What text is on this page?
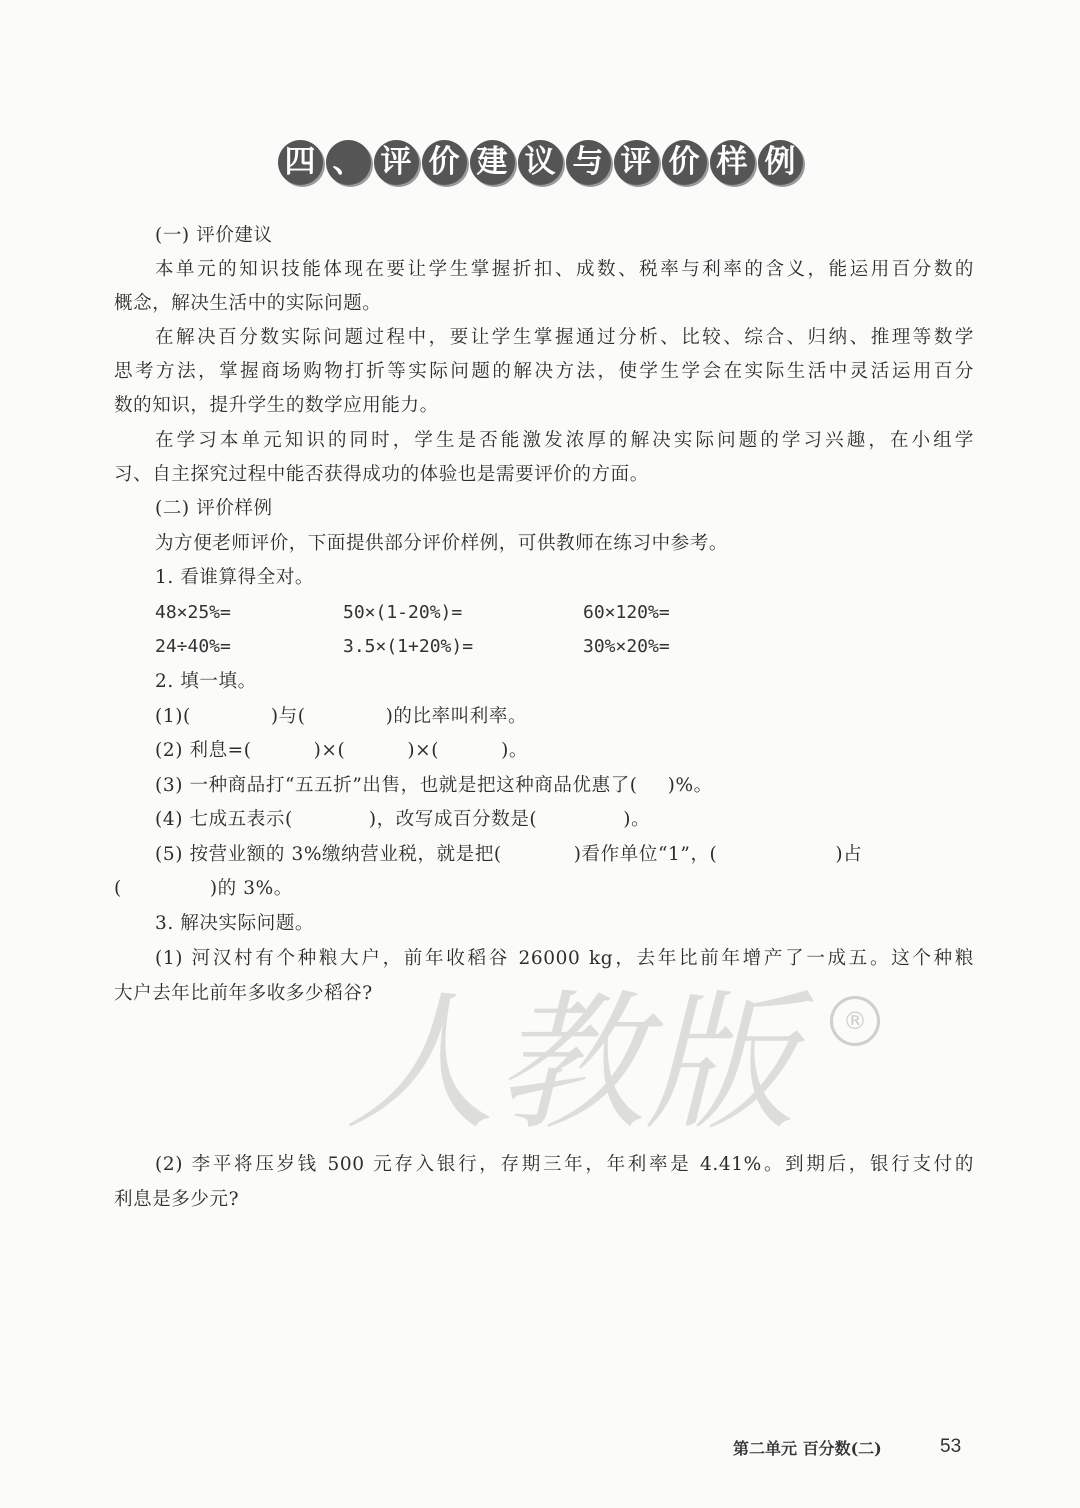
四 、 评 价 建 议 与 评 价 样 例
(一) 评价建议
本单元的知识技能体现在要让学生掌握折扣、成数、税率与利率的含义，能运用百分数的
概念，解决生活中的实际问题。
在解决百分数实际问题过程中，要让学生掌握通过分析、比较、综合、归纳、推理等数学
思考方法，掌握商场购物打折等实际问题的解决方法，使学生学会在实际生活中灵活运用百分
数的知识，提升学生的数学应用能力。
在学习本单元知识的同时，学生是否能激发浓厚的解决实际问题的学习兴趣，在小组学
习、自主探究过程中能否获得成功的体验也是需要评价的方面。
(二) 评价样例
为方便老师评价，下面提供部分评价样例，可供教师在练习中参考。
1. 看谁算得全对。
48×25%=	50×(1-20%)=	60×120%=
24÷40%=	3.5×(1+20%)=	30%×20%=
2. 填一填。
(1)(	)与(	)的比率叫利率。
(2) 利息=(	)×(	)×(	)。
(3) 一种商品打“五五折”出售，也就是把这种商品优惠了( )%。
(4) 七成五表示(	)，改写成百分数是(	)。
(5) 按营业额的 3%缴纳营业税，就是把(	)看作单位“1”，(	)占
(	)的 3%。
3. 解决实际问题。
(1) 河汉村有个种粮大户，前年收稻谷 26000 kg，去年比前年增产了一成五。这个种粮
大户去年比前年多收多少稻谷?
人教版	®
(2) 李平将压岁钱 500 元存入银行，存期三年，年利率是 4.41%。到期后，银行支付的
利息是多少元?
第二单元 百分数(二)	53
